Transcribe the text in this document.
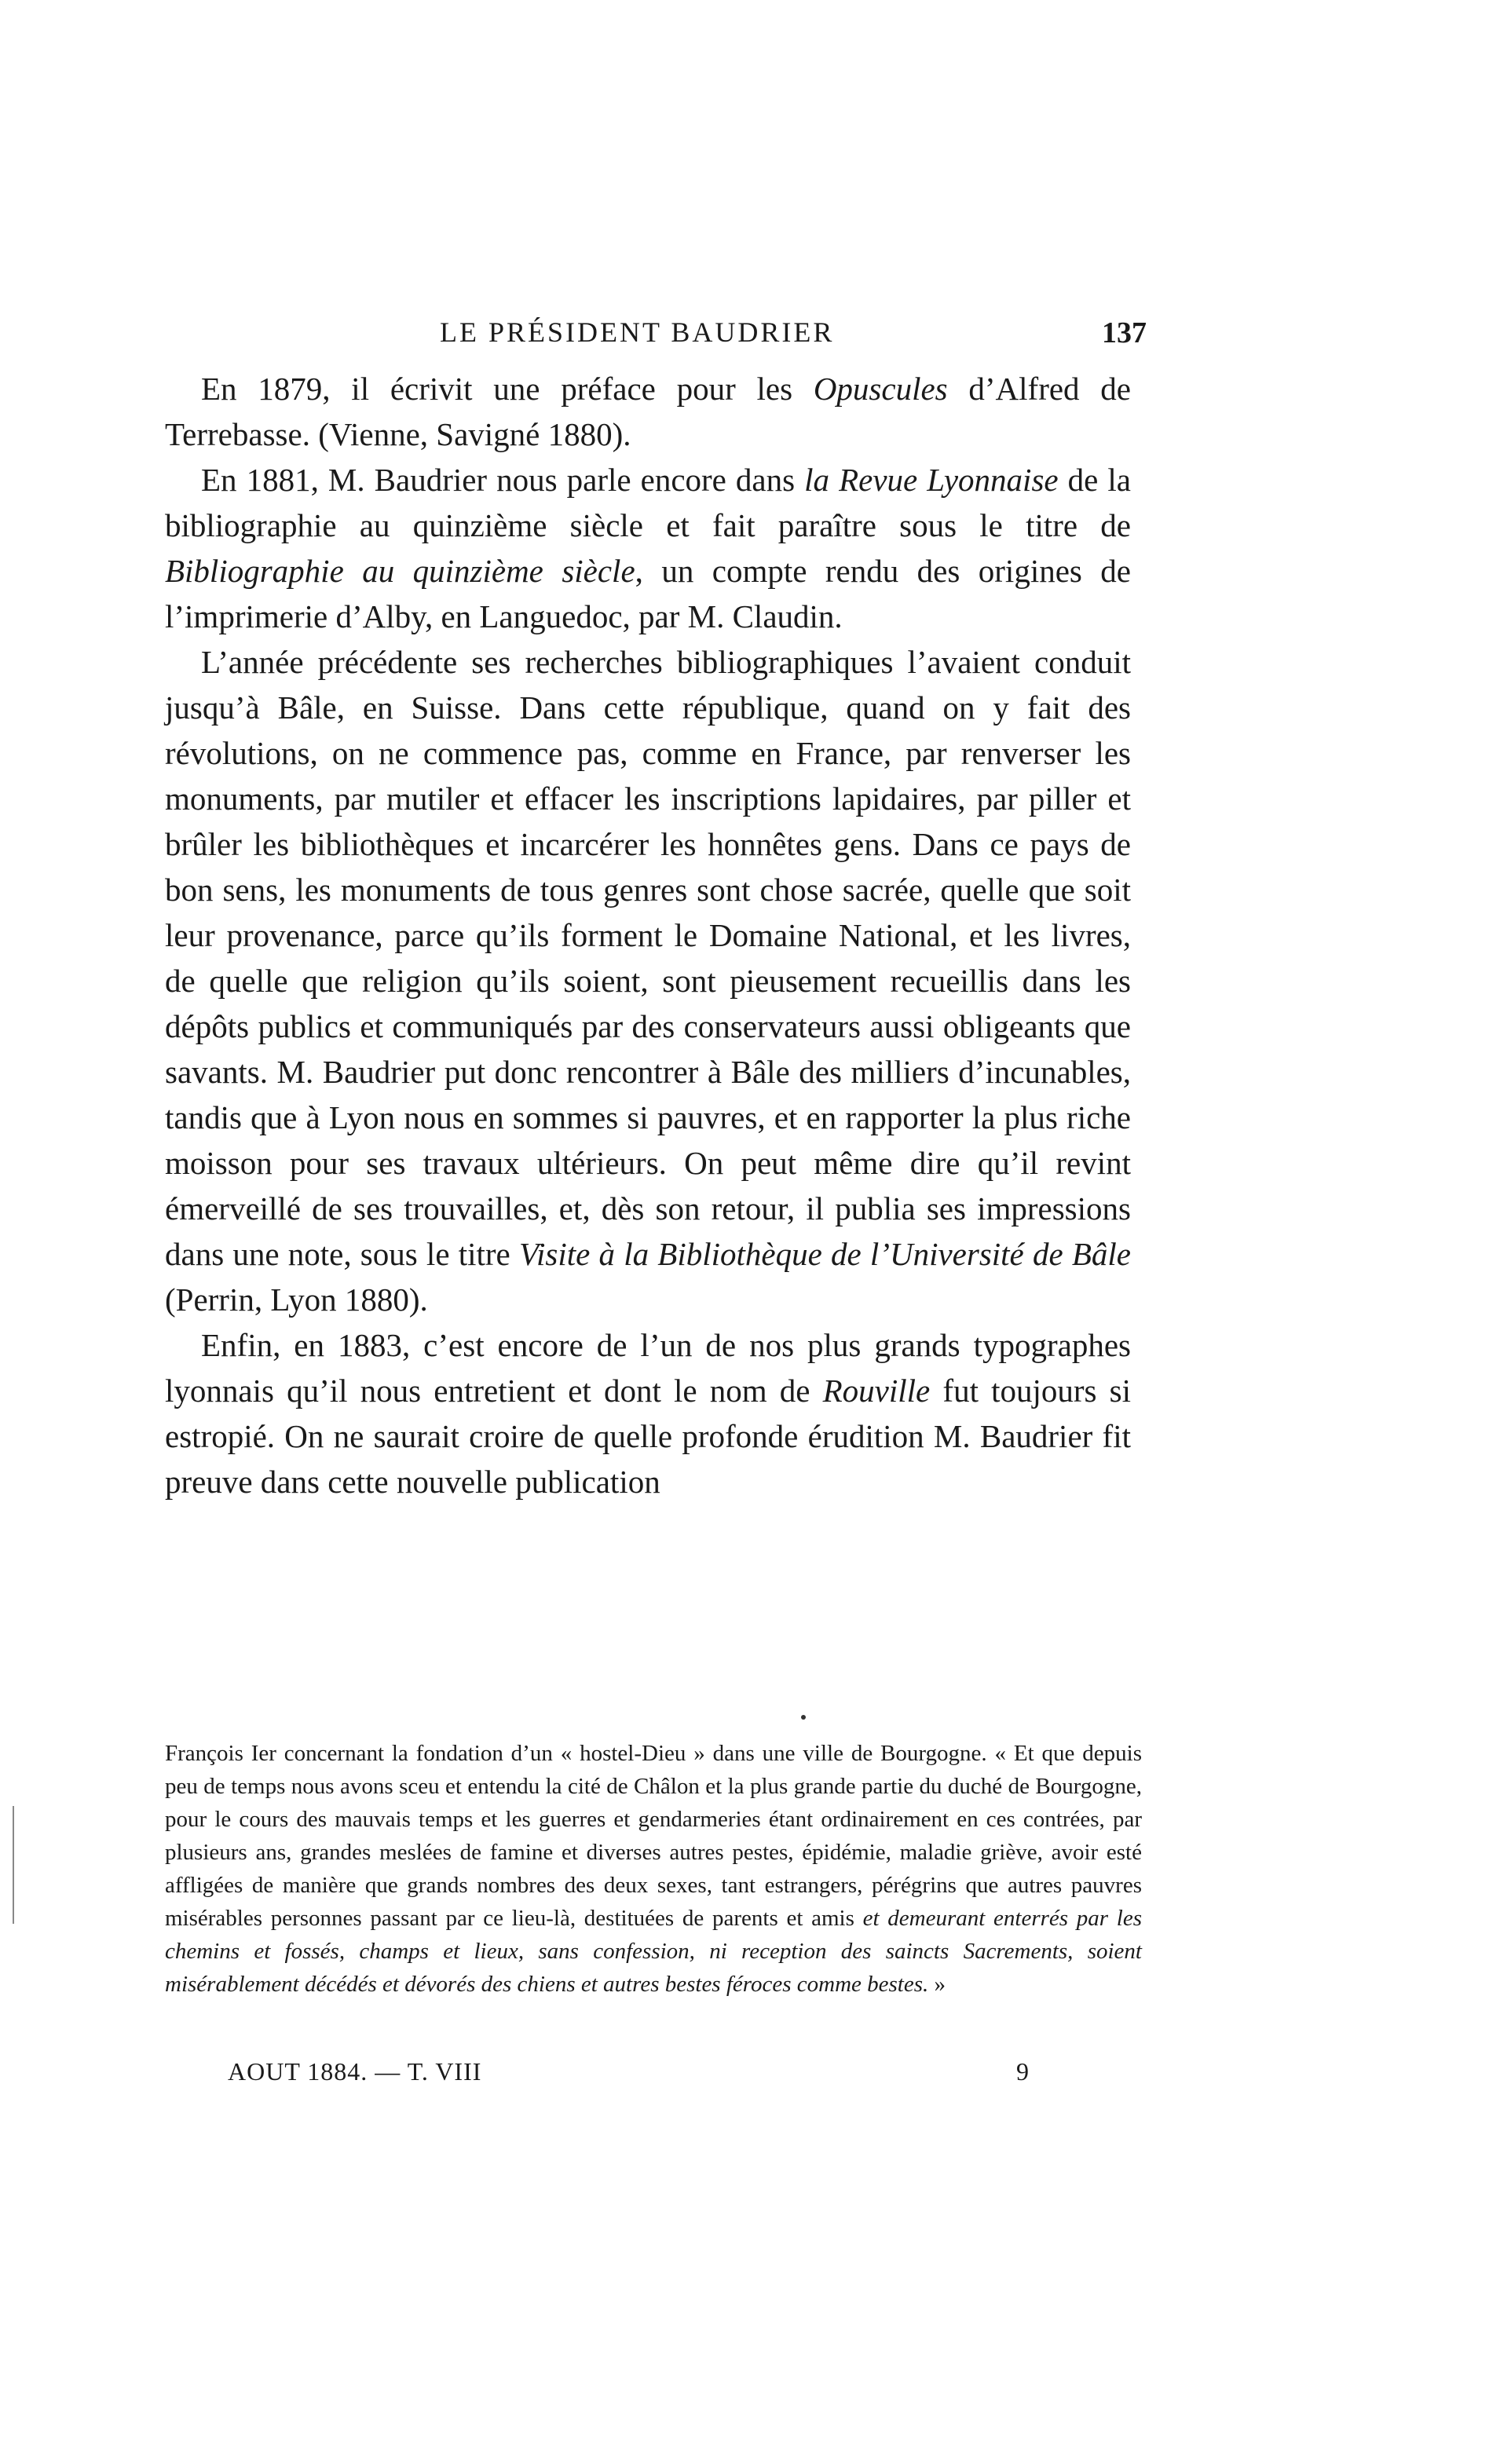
LE PRÉSIDENT BAUDRIER	137

En 1879, il écrivit une préface pour les Opuscules d’Alfred de Terrebasse. (Vienne, Savigné 1880).

En 1881, M. Baudrier nous parle encore dans la Revue Lyonnaise de la bibliographie au quinzième siècle et fait paraître sous le titre de Bibliographie au quinzième siècle, un compte rendu des origines de l’imprimerie d’Alby, en Languedoc, par M. Claudin.

L’année précédente ses recherches bibliographiques l’avaient conduit jusqu’à Bâle, en Suisse. Dans cette république, quand on y fait des révolutions, on ne commence pas, comme en France, par renverser les monuments, par mutiler et effacer les inscriptions lapidaires, par piller et brûler les bibliothèques et incarcérer les honnêtes gens. Dans ce pays de bon sens, les monuments de tous genres sont chose sacrée, quelle que soit leur provenance, parce qu’ils forment le Domaine National, et les livres, de quelle que religion qu’ils soient, sont pieusement recueillis dans les dépôts publics et communiqués par des conservateurs aussi obligeants que savants. M. Baudrier put donc rencontrer à Bâle des milliers d’incunables, tandis que à Lyon nous en sommes si pauvres, et en rapporter la plus riche moisson pour ses travaux ultérieurs. On peut même dire qu’il revint émerveillé de ses trouvailles, et, dès son retour, il publia ses impressions dans une note, sous le titre Visite à la Bibliothèque de l’Université de Bâle (Perrin, Lyon 1880).

Enfin, en 1883, c’est encore de l’un de nos plus grands typographes lyonnais qu’il nous entretient et dont le nom de Rouville fut toujours si estropié. On ne saurait croire de quelle profonde érudition M. Baudrier fit preuve dans cette nouvelle publication

François Ier concernant la fondation d’un « hostel-Dieu » dans une ville de Bourgogne. « Et que depuis peu de temps nous avons sceu et entendu la cité de Châlon et la plus grande partie du duché de Bourgogne, pour le cours des mauvais temps et les guerres et gendarmeries étant ordinairement en ces contrées, par plusieurs ans, grandes meslées de famine et diverses autres pestes, épidémie, maladie griève, avoir esté affligées de manière que grands nombres des deux sexes, tant estrangers, pérégrins que autres pauvres misérables personnes passant par ce lieu-là, destituées de parents et amis et demeurant enterrés par les chemins et fossés, champs et lieux, sans confession, ni reception des saincts Sacrements, soient misérablement décédés et dévorés des chiens et autres bestes féroces comme bestes. »

AOUT 1884. — T. VIII	9
